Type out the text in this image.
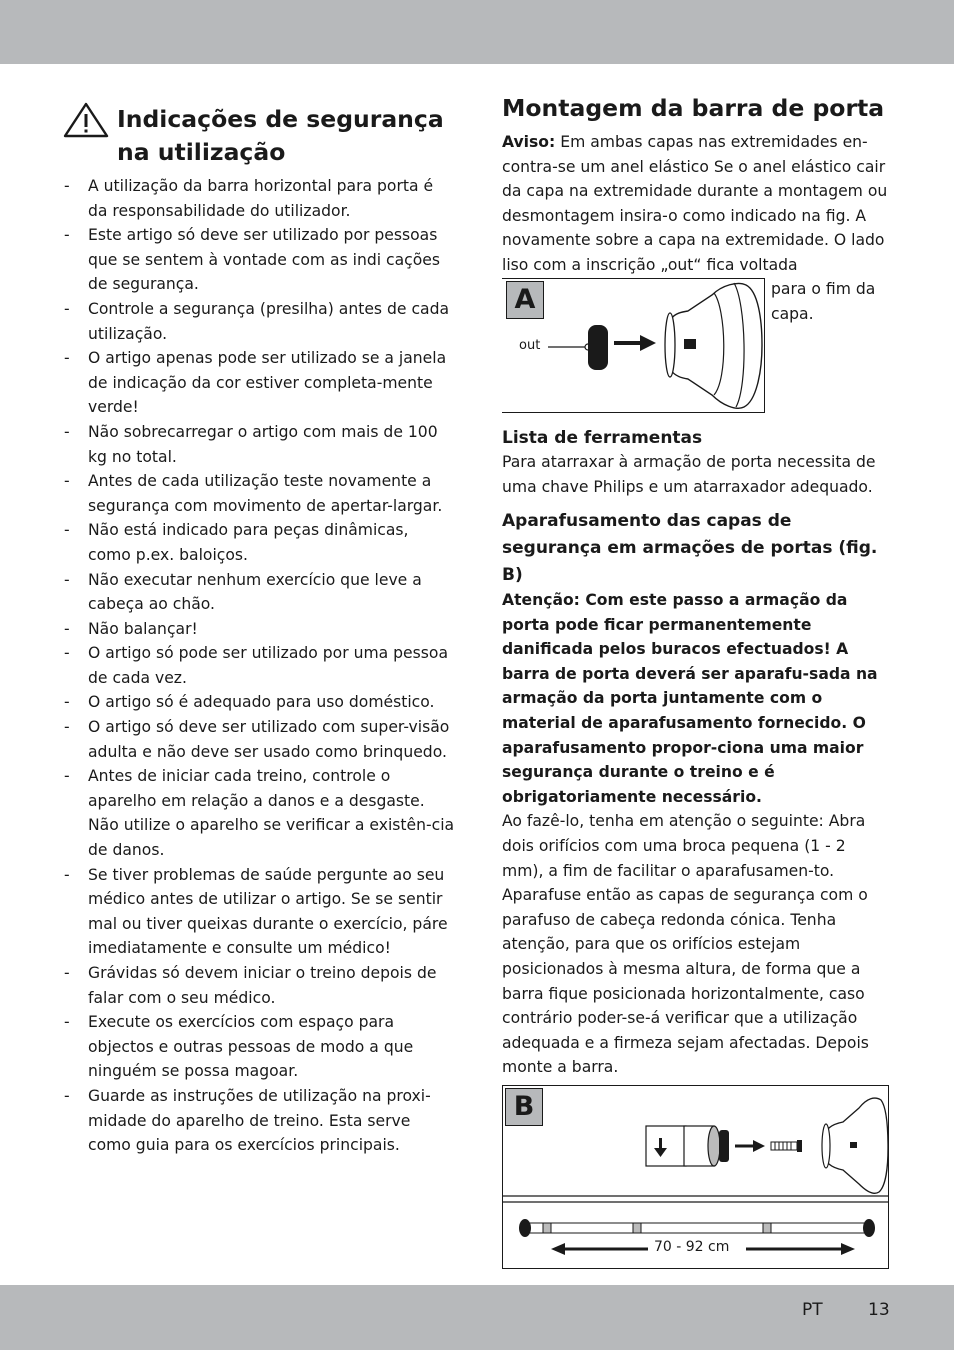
Indicações de segurança
na utilização
- A utilização da barra horizontal para porta é da responsabilidade do utilizador.
- Este artigo só deve ser utilizado por pessoas que se sentem à vontade com as indi cações de segurança.
- Controle a segurança (presilha) antes de cada utilização.
- O artigo apenas pode ser utilizado se a janela de indicação da cor estiver completa-mente verde!
- Não sobrecarregar o artigo com mais de 100 kg no total.
- Antes de cada utilização teste novamente a segurança com movimento de apertar-largar.
- Não está indicado para peças dinâmicas, como p.ex. baloiços.
- Não executar nenhum exercício que leve a cabeça ao chão.
- Não balançar!
- O artigo só pode ser utilizado por uma pessoa de cada vez.
- O artigo só é adequado para uso doméstico.
- O artigo só deve ser utilizado com super-visão adulta e não deve ser usado como brinquedo.
- Antes de iniciar cada treino, controle o aparelho em relação a danos e a desgaste. Não utilize o aparelho se verificar a existên-cia de danos.
- Se tiver problemas de saúde pergunte ao seu médico antes de utilizar o artigo. Se se sentir mal ou tiver queixas durante o exercício, páre imediatamente e consulte um médico!
- Grávidas só devem iniciar o treino depois de falar com o seu médico.
- Execute os exercícios com espaço para objectos e outras pessoas de modo a que ninguém se possa magoar.
- Guarde as instruções de utilização na proxi-midade do aparelho de treino. Esta serve como guia para os exercícios principais.
Montagem da barra de porta

Aviso: Em ambas capas nas extremidades en-contra-se um anel elástico Se o anel elástico cair da capa na extremidade durante a montagem ou desmontagem insira-o como indicado na fig. A novamente sobre a capa na extremidade. O lado liso com a inscrição „out“ fica voltada

A
out

para o fim da capa.

Lista de ferramentas

Para atarraxar à armação de porta necessita de uma chave Philips e um atarraxador adequado.

Aparafusamento das capas de segurança em armações de portas (fig. B)

Atenção: Com este passo a armação da porta pode ficar permanentemente danificada pelos buracos efectuados! A barra de porta deverá ser aparafu-sada na armação da porta juntamente com o material de aparafusamento fornecido. O aparafusamento propor-ciona uma maior segurança durante o treino e é obrigatoriamente necessário.

Ao fazê-lo, tenha em atenção o seguinte: Abra dois orifícios com uma broca pequena (1 - 2 mm), a fim de facilitar o aparafusamen-to. Aparafuse então as capas de segurança com o parafuso de cabeça redonda cónica. Tenha atenção, para que os orifícios estejam posicionados à mesma altura, de forma que a barra fique posicionada horizontalmente, caso contrário poder-se-á verificar que a utilização adequada e a firmeza sejam afectadas. Depois monte a barra.

B
70 - 92 cm
PT	13
